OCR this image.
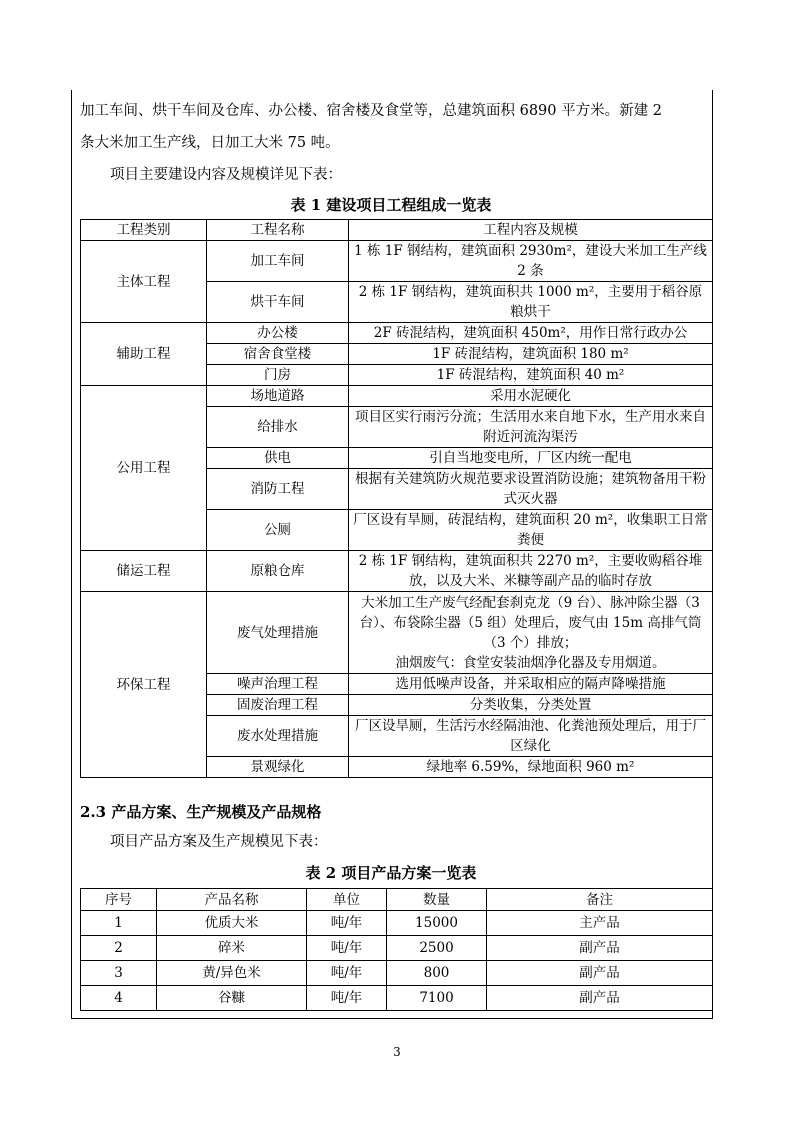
加工车间、烘干车间及仓库、办公楼、宿舍楼及食堂等，总建筑面积 6890 平方米。新建 2
条大米加工生产线，日加工大米 75 吨。
项目主要建设内容及规模详见下表：
表 1 建设项目工程组成一览表
工程类别	工程名称	工程内容及规模
主体工程	加工车间	1 栋 1F 钢结构，建筑面积 2930m²，建设大米加工生产线 2 条

	烘干车间	2 栋 1F 钢结构，建筑面积共 1000 m²，主要用于稻谷原粮烘干

辅助工程	办公楼	2F 砖混结构，建筑面积 450m²，用作日常行政办公

	宿舍食堂楼	1F 砖混结构，建筑面积 180 m²

	门房	1F 砖混结构，建筑面积 40 m²

公用工程	场地道路	采用水泥硬化

	给排水	项目区实行雨污分流；生活用水来自地下水，生产用水来自附近河流沟渠汚

	供电	引自当地变电所，厂区内统一配电

	消防工程	根据有关建筑防火规范要求设置消防设施；建筑物备用干粉式灭火器

	公厕	厂区设有旱厕，砖混结构，建筑面积 20 m²，收集职工日常粪便

储运工程	原粮仓库	2 栋 1F 钢结构，建筑面积共 2270 m²，主要收购稻谷堆放，以及大米、米糠等副产品的临时存放

环保工程	废气处理措施	大米加工生产废气经配套刹克龙（9 台）、脉冲除尘器（3 台）、布袋除尘器（5 组）处理后，废气由 15m 高排气筒（3 个）排放；
油烟废气：食堂安装油烟净化器及专用烟道。

	噪声治理工程	选用低噪声设备，并采取相应的隔声降噪措施

	固废治理工程	分类收集，分类处置

	废水处理措施	厂区设旱厕，生活污水经隔油池、化粪池预处理后，用于厂区绿化

	景观绿化	绿地率 6.59%，绿地面积 960 m²
2.3 产品方案、生产规模及产品规格
项目产品方案及生产规模见下表：
表 2 项目产品方案一览表
序号	产品名称	单位	数量	备注
1	优质大米	吨/年	15000	主产品
2	碎米	吨/年	2500	副产品
3	黄/异色米	吨/年	800	副产品
4	谷糠	吨/年	7100	副产品
3
